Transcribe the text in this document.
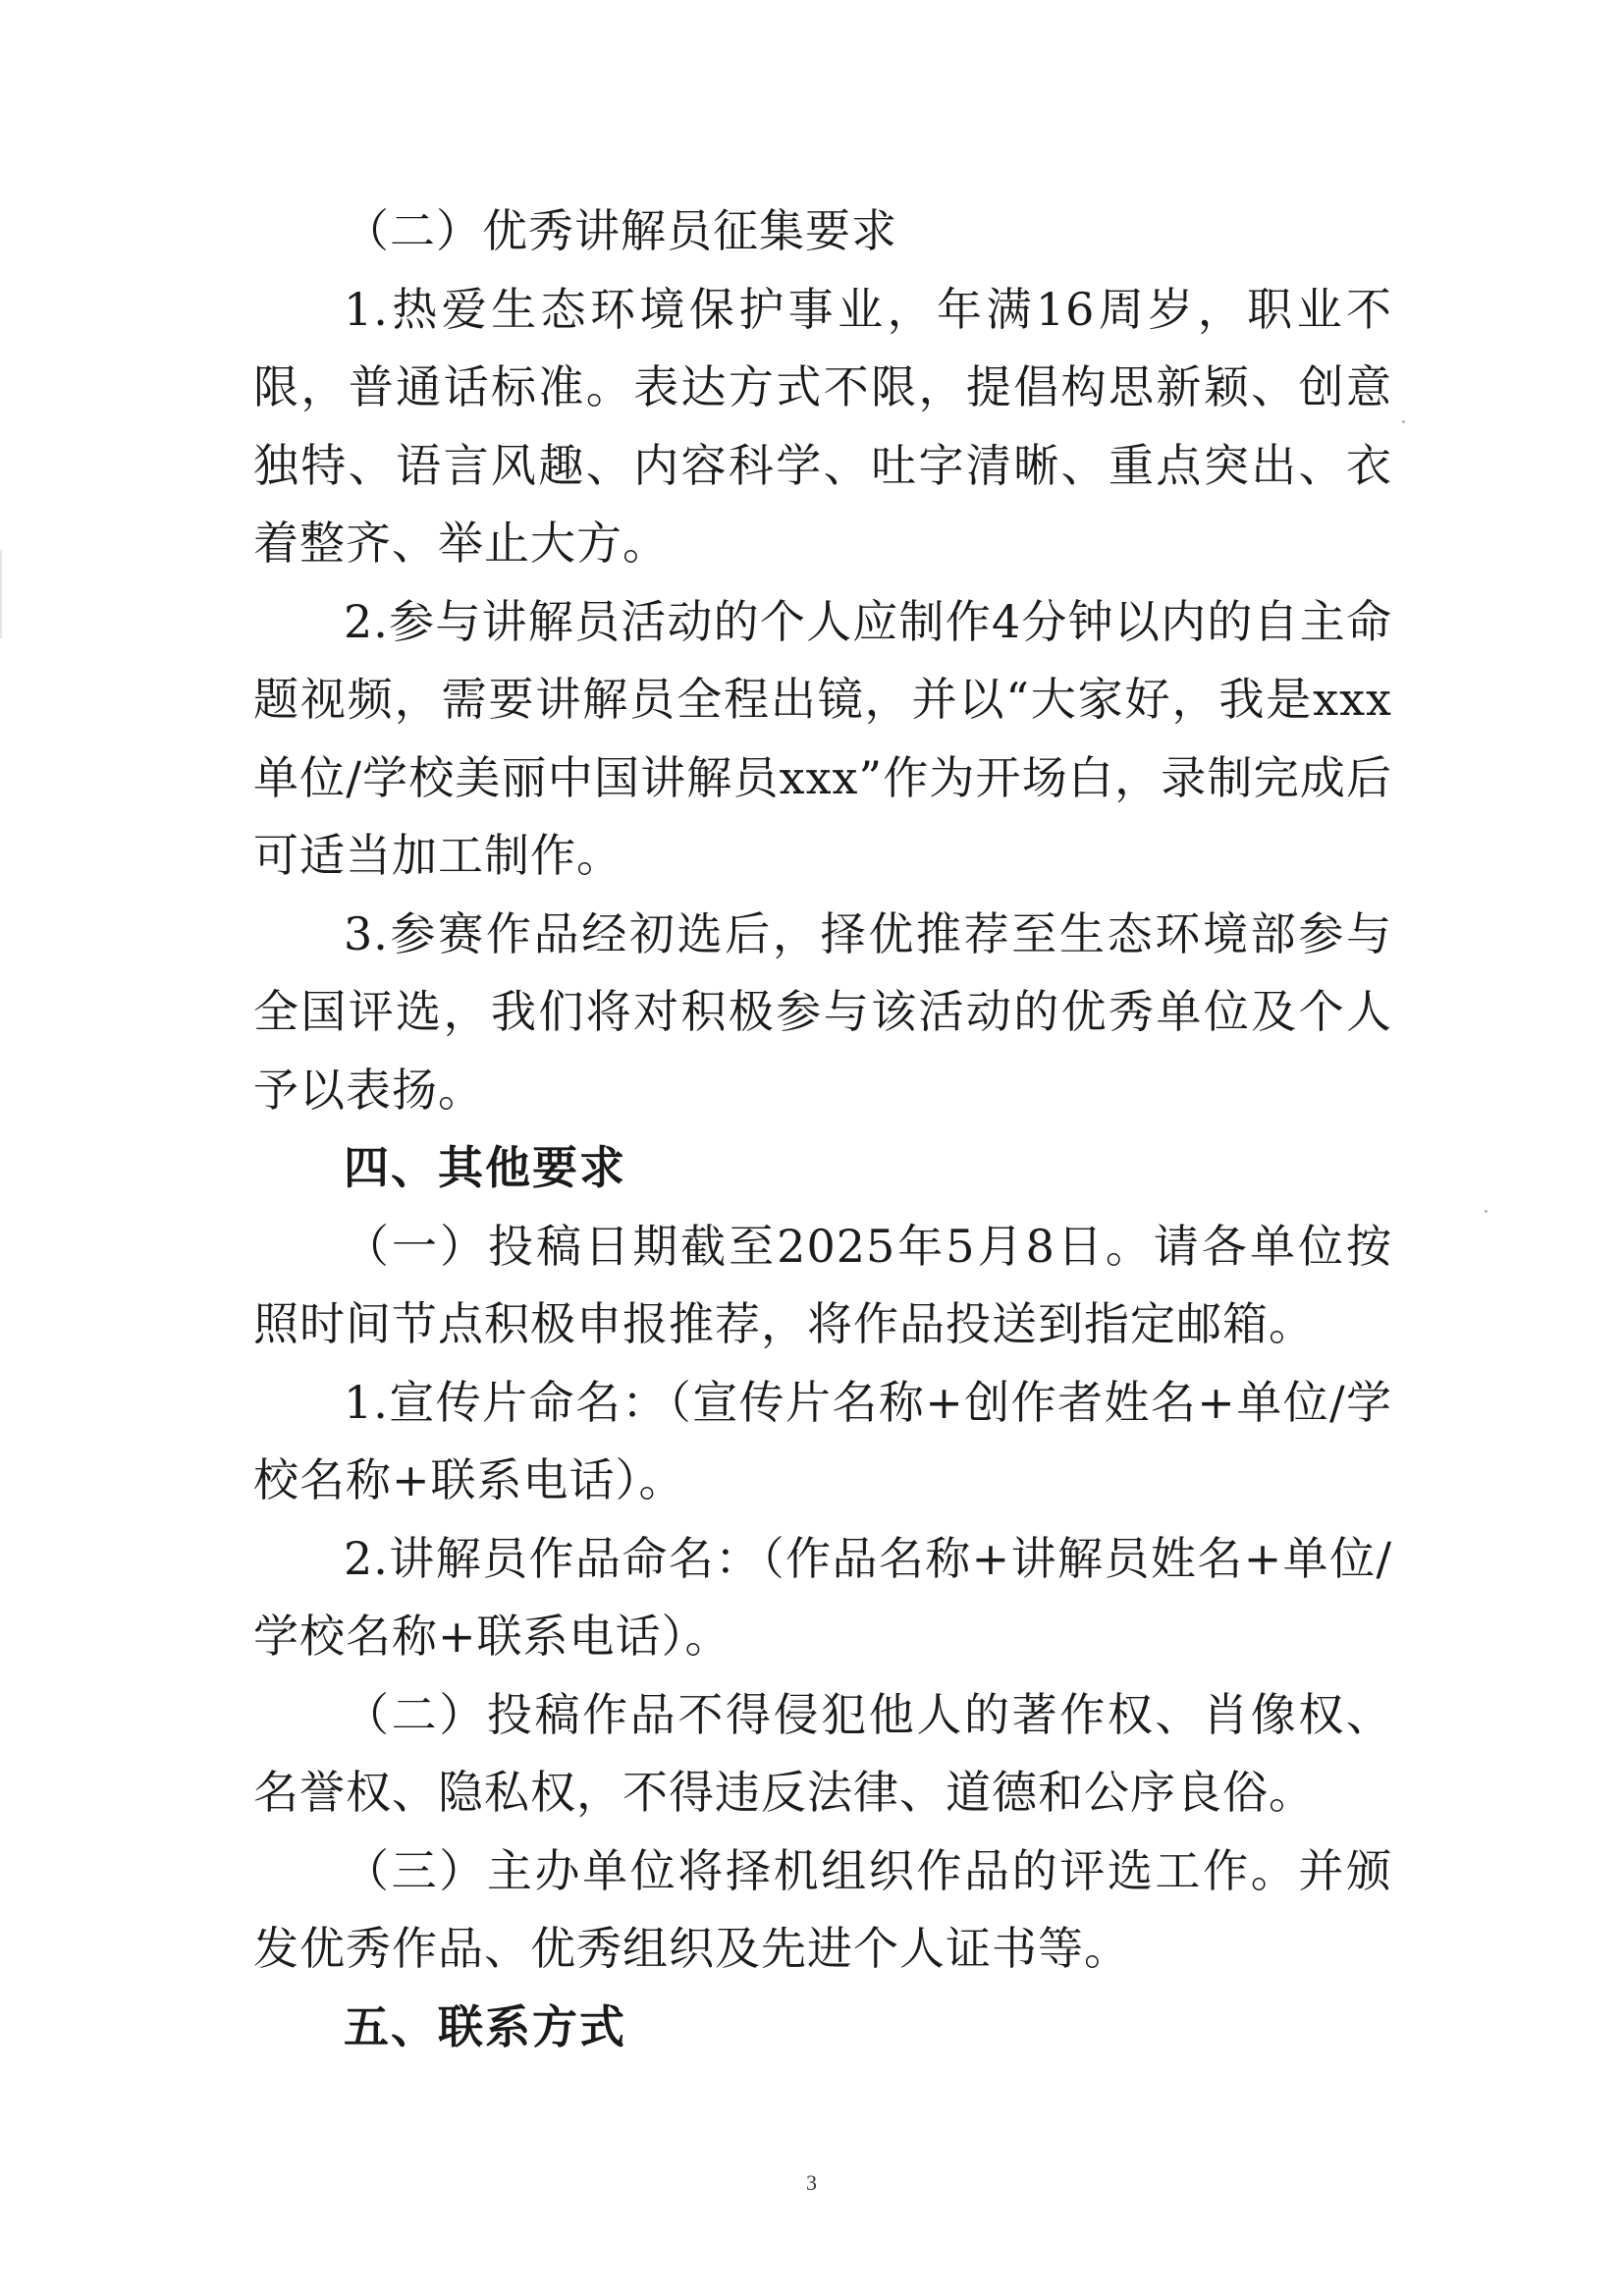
（二）优秀讲解员征集要求

1.热爱生态环境保护事业，年满16周岁，职业不限，普通话标准。表达方式不限，提倡构思新颖、创意独特、语言风趣、内容科学、吐字清晰、重点突出、衣着整齐、举止大方。

2.参与讲解员活动的个人应制作4分钟以内的自主命题视频，需要讲解员全程出镜，并以“大家好，我是xxx单位/学校美丽中国讲解员xxx”作为开场白，录制完成后可适当加工制作。

3.参赛作品经初选后，择优推荐至生态环境部参与全国评选，我们将对积极参与该活动的优秀单位及个人予以表扬。

四、其他要求

（一）投稿日期截至2025年5月8日。请各单位按照时间节点积极申报推荐，将作品投送到指定邮箱。

1.宣传片命名：（宣传片名称+创作者姓名+单位/学校名称+联系电话）。

2.讲解员作品命名：（作品名称+讲解员姓名+单位/学校名称+联系电话）。

（二）投稿作品不得侵犯他人的著作权、肖像权、名誉权、隐私权，不得违反法律、道德和公序良俗。

（三）主办单位将择机组织作品的评选工作。并颁发优秀作品、优秀组织及先进个人证书等。

五、联系方式

3
